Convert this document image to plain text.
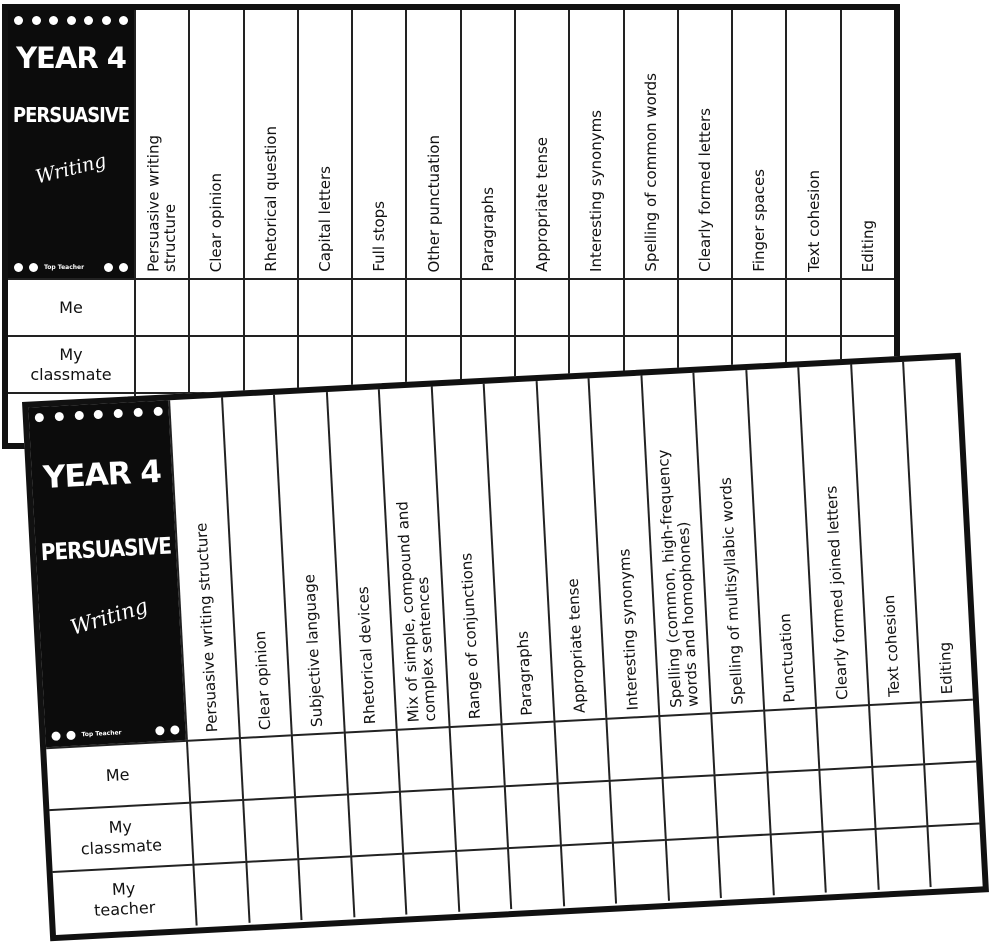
YEAR 4
PERSUASIVE
Writing
Top Teacher	Persuasive writing
structure Clear opinion Rhetorical question Capital letters Full stops Other punctuation Paragraphs Appropriate tense Interesting synonyms Spelling of common words Clearly formed letters Finger spaces Text cohesion Editing
Me
My
classmate
YEAR 4
PERSUASIVE
Writing
Top Teacher
Persuasive writing structure Clear opinion Subjective language Rhetorical devices Mix of simple, compound and
complex sentences Range of conjunctions Paragraphs Appropriate tense Interesting synonyms Spelling (common, high-frequency
words and homophones) Spelling of multisyllabic words Punctuation Clearly formed joined letters Text cohesion Editing
Me
My
classmate
My
teacher
